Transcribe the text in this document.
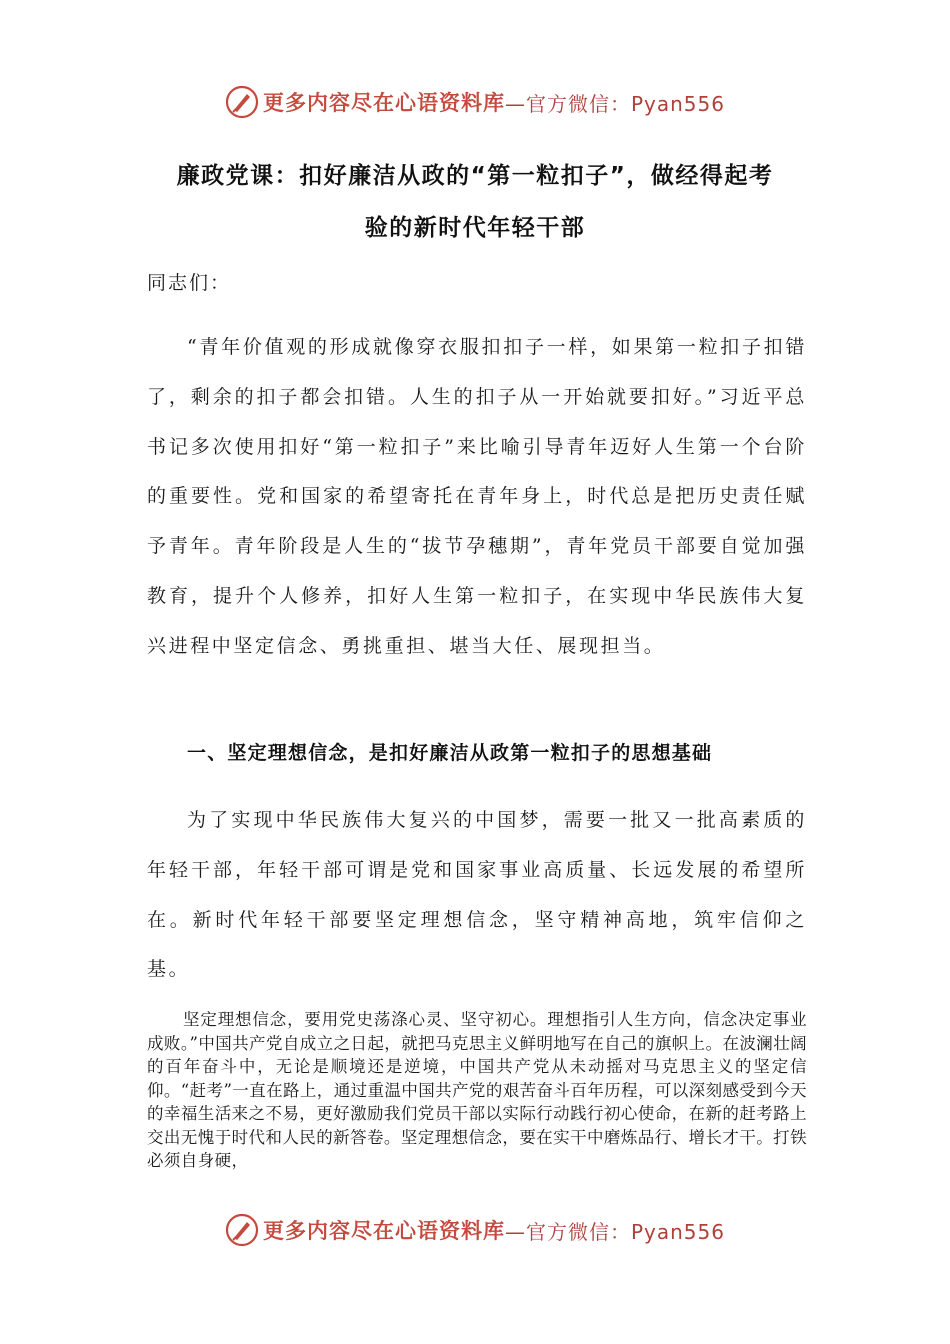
更多内容尽在心语资料库 —官方微信：Pyan556
廉政党课：扣好廉洁从政的“第一粒扣子”，做经得起考
验的新时代年轻干部
同志们：

“青年价值观的形成就像穿衣服扣扣子一样，如果第一粒扣子扣错了，剩余的扣子都会扣错。人生的扣子从一开始就要扣好。”习近平总书记多次使用扣好“第一粒扣子”来比喻引导青年迈好人生第一个台阶的重要性。党和国家的希望寄托在青年身上，时代总是把历史责任赋予青年。青年阶段是人生的“拔节孕穗期”，青年党员干部要自觉加强教育，提升个人修养，扣好人生第一粒扣子，在实现中华民族伟大复兴进程中坚定信念、勇挑重担、堪当大任、展现担当。

一、坚定理想信念，是扣好廉洁从政第一粒扣子的思想基础

为了实现中华民族伟大复兴的中国梦，需要一批又一批高素质的年轻干部，年轻干部可谓是党和国家事业高质量、长远发展的希望所在。新时代年轻干部要坚定理想信念，坚守精神高地，筑牢信仰之基。

坚定理想信念，要用党史荡涤心灵、坚守初心。理想指引人生方向，信念决定事业成败。”中国共产党自成立之日起，就把马克思主义鲜明地写在自己的旗帜上。在波澜壮阔的百年奋斗中，无论是顺境还是逆境，中国共产党从未动摇对马克思主义的坚定信仰。“赶考”一直在路上，通过重温中国共产党的艰苦奋斗百年历程，可以深刻感受到今天的幸福生活来之不易，更好激励我们党员干部以实际行动践行初心使命，在新的赶考路上交出无愧于时代和人民的新答卷。坚定理想信念，要在实干中磨炼品行、增长才干。打铁必须自身硬，

更多内容尽在心语资料库 —官方微信：Pyan556
